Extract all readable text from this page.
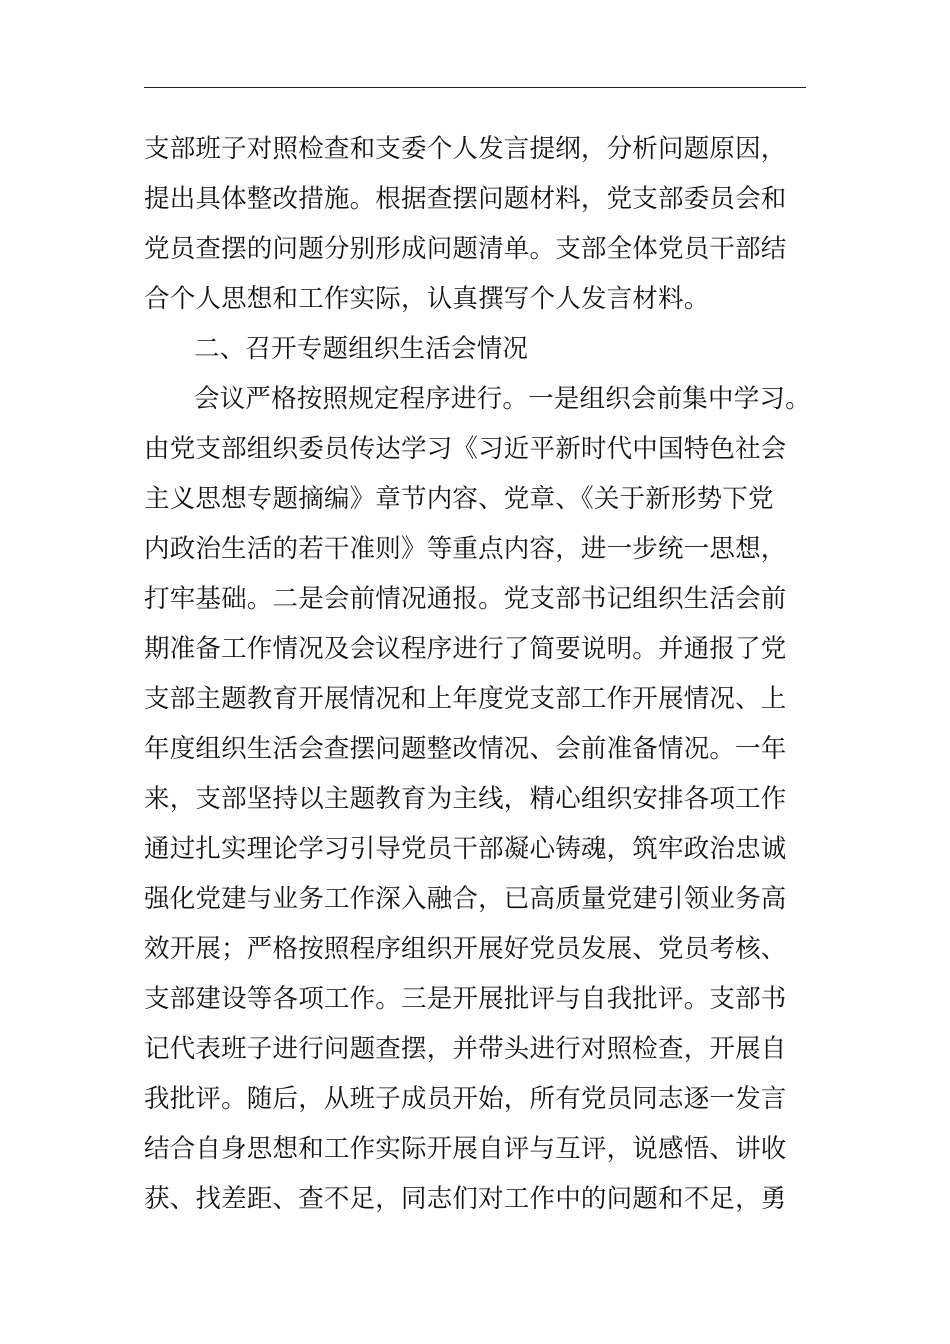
支部班子对照检查和支委个人发言提纲，分析问题原因，
提出具体整改措施。根据查摆问题材料，党支部委员会和
党员查摆的问题分别形成问题清单。支部全体党员干部结
合个人思想和工作实际，认真撰写个人发言材料。
二、召开专题组织生活会情况
会议严格按照规定程序进行。一是组织会前集中学习。
由党支部组织委员传达学习《习近平新时代中国特色社会
主义思想专题摘编》章节内容、党章、《关于新形势下党
内政治生活的若干准则》等重点内容，进一步统一思想，
打牢基础。二是会前情况通报。党支部书记组织生活会前
期准备工作情况及会议程序进行了简要说明。并通报了党
支部主题教育开展情况和上年度党支部工作开展情况、上
年度组织生活会查摆问题整改情况、会前准备情况。一年
来，支部坚持以主题教育为主线，精心组织安排各项工作
通过扎实理论学习引导党员干部凝心铸魂，筑牢政治忠诚
强化党建与业务工作深入融合，已高质量党建引领业务高
效开展；严格按照程序组织开展好党员发展、党员考核、
支部建设等各项工作。三是开展批评与自我批评。支部书
记代表班子进行问题查摆，并带头进行对照检查，开展自
我批评。随后，从班子成员开始，所有党员同志逐一发言
结合自身思想和工作实际开展自评与互评，说感悟、讲收
获、找差距、查不足，同志们对工作中的问题和不足，勇
